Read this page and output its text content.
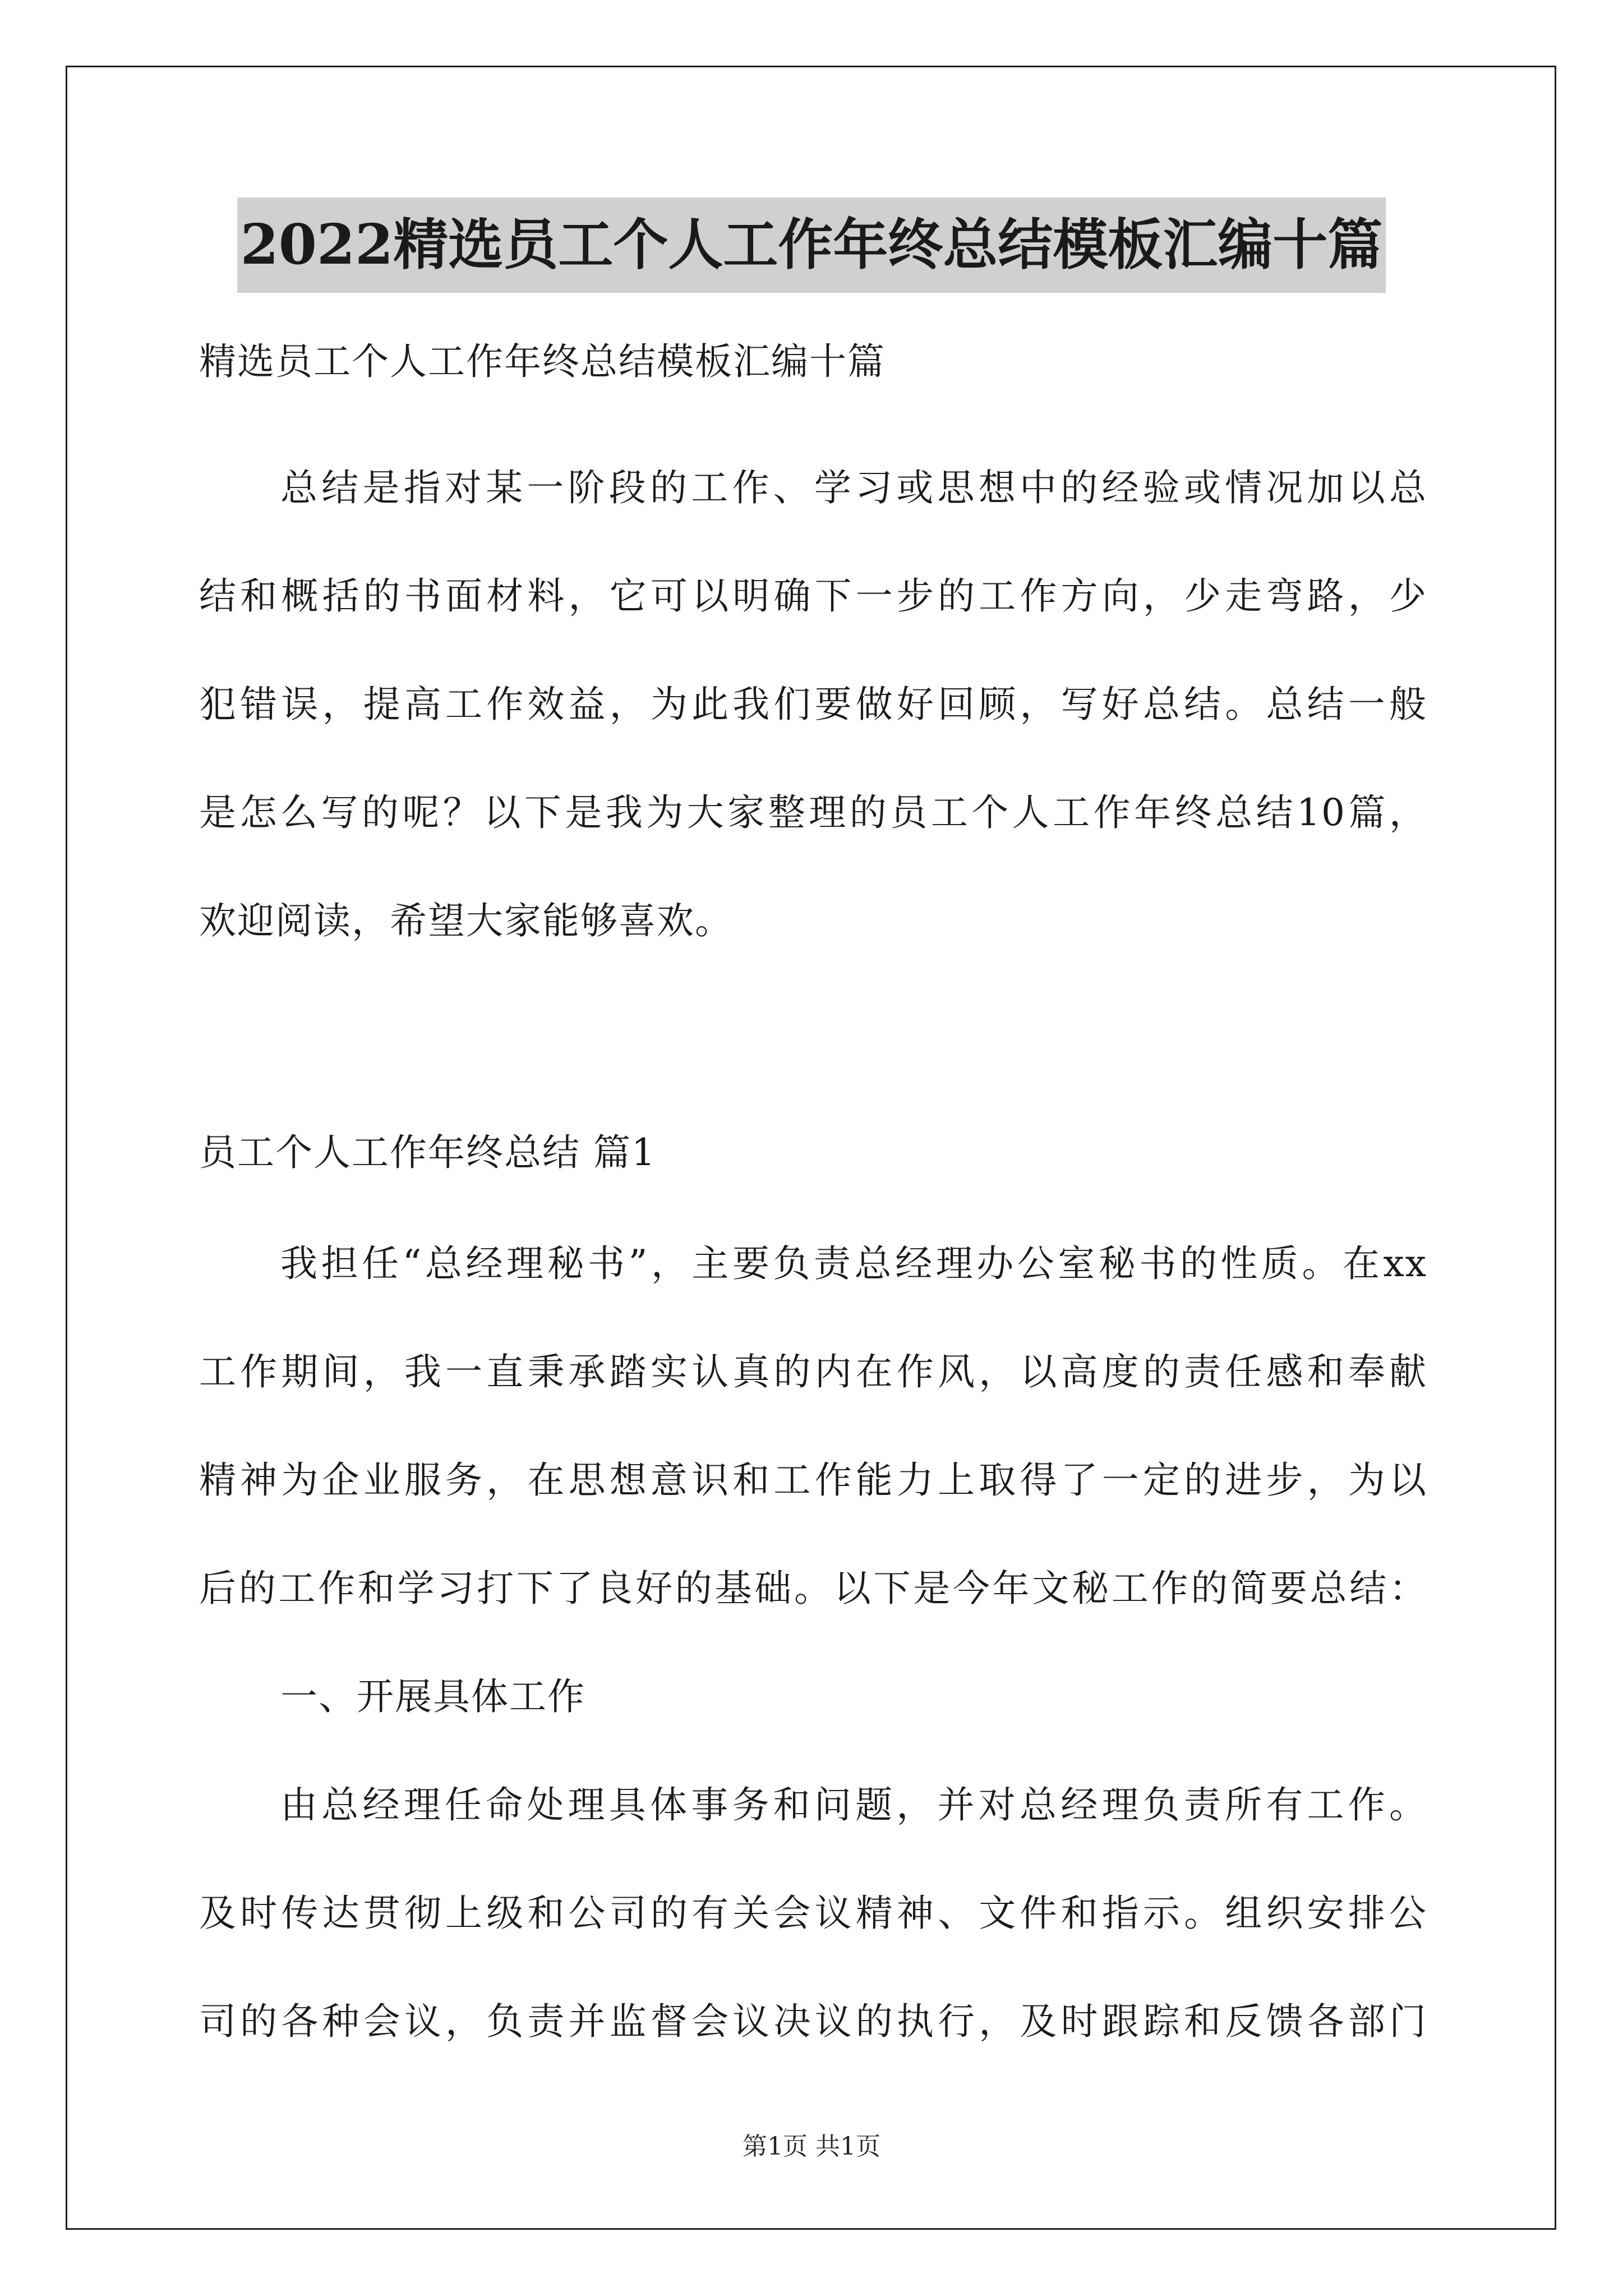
2022精选员工个人工作年终总结模板汇编十篇
精选员工个人工作年终总结模板汇编十篇
总结是指对某一阶段的工作、学习或思想中的经验或情况加以总
结和概括的书面材料，它可以明确下一步的工作方向，少走弯路，少
犯错误，提高工作效益，为此我们要做好回顾，写好总结。总结一般
是怎么写的呢？以下是我为大家整理的员工个人工作年终总结10篇，
欢迎阅读，希望大家能够喜欢。
员工个人工作年终总结 篇1
我担任“总经理秘书”，主要负责总经理办公室秘书的性质。在xx
工作期间，我一直秉承踏实认真的内在作风，以高度的责任感和奉献
精神为企业服务，在思想意识和工作能力上取得了一定的进步，为以
后的工作和学习打下了良好的基础。以下是今年文秘工作的简要总结：
一、开展具体工作
由总经理任命处理具体事务和问题，并对总经理负责所有工作。
及时传达贯彻上级和公司的有关会议精神、文件和指示。组织安排公
司的各种会议，负责并监督会议决议的执行，及时跟踪和反馈各部门
第1页 共1页
